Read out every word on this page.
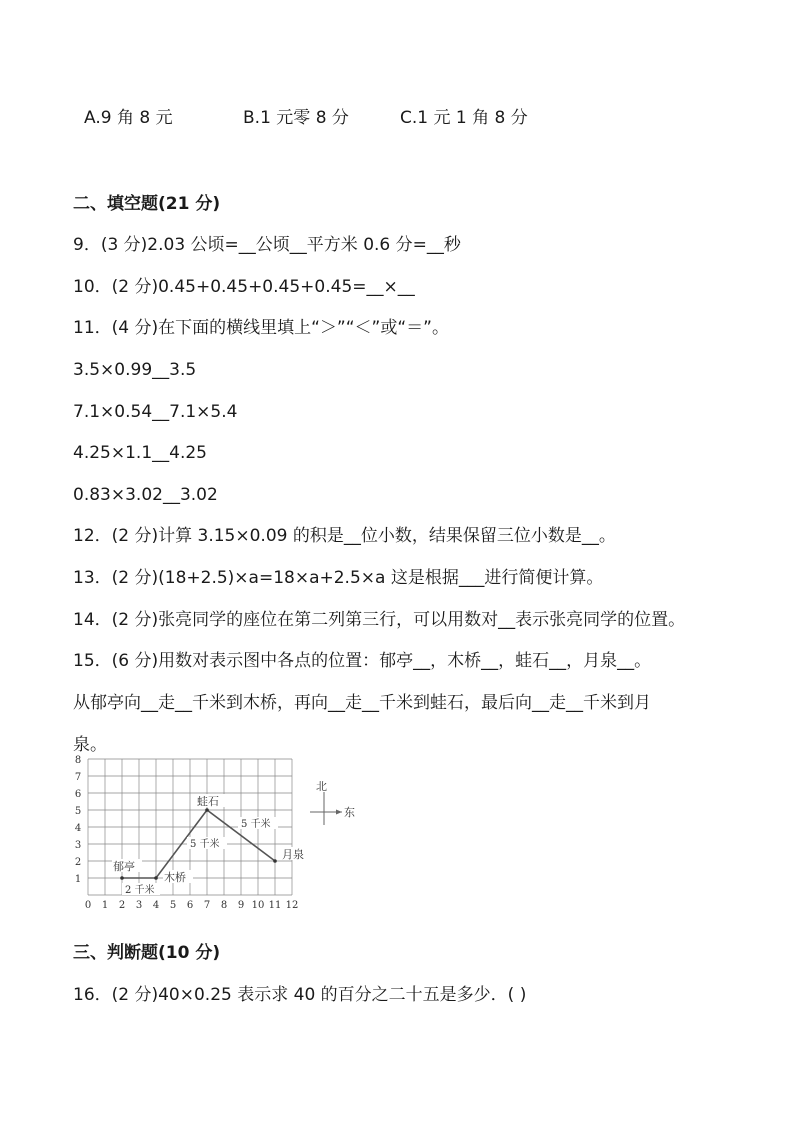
A.9 角 8 元	B.1 元零 8 分	C.1 元 1 角 8 分
二、填空题(21 分)
9．(3 分)2.03 公顷=__公顷__平方米 0.6 分=__秒
10．(2 分)0.45+0.45+0.45+0.45=__×__
11．(4 分)在下面的横线里填上“＞”“＜”或“＝”。
3.5×0.99__3.5
7.1×0.54__7.1×5.4
4.25×1.1__4.25
0.83×3.02__3.02
12．(2 分)计算 3.15×0.09 的积是__位小数，结果保留三位小数是__。
13．(2 分)(18+2.5)×a=18×a+2.5×a 这是根据___进行简便计算。
14．(2 分)张亮同学的座位在第二列第三行，可以用数对__表示张亮同学的位置。
15．(6 分)用数对表示图中各点的位置：郁亭__，木桥__，蛙石__，月泉__。
从郁亭向__走__千米到木桥，再向__走__千米到蛙石，最后向__走__千米到月
泉。
0 1 2 3 4 5 6 7 8 9 10 11 12
1
2
3
4
5
6
7
8
郁亭
木桥
蛙石
月泉
2 千米
5 千米
5 千米
北
东
三、判断题(10 分)
16．(2 分)40×0.25 表示求 40 的百分之二十五是多少．( )
